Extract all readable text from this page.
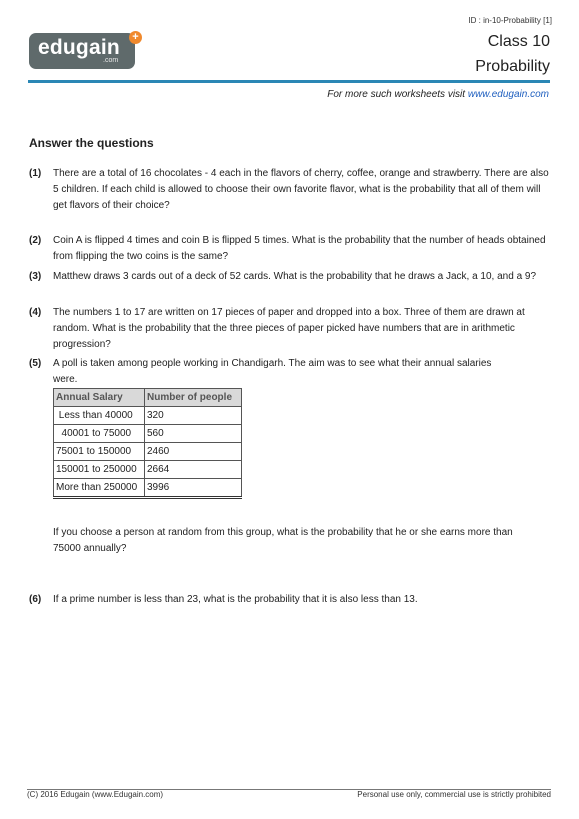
edugain
.com
+
ID : in-10-Probability [1]
Class 10
Probability
For more such worksheets visit www.edugain.com
Answer the questions
(1) There are a total of 16 chocolates - 4 each in the flavors of cherry, coffee, orange and strawberry. There are also 5 children. If each child is allowed to choose their own favorite flavor, what is the probability that all of them will get flavors of their choice?
(2) Coin A is flipped 4 times and coin B is flipped 5 times. What is the probability that the number of heads obtained from flipping the two coins is the same?
(3) Matthew draws 3 cards out of a deck of 52 cards. What is the probability that he draws a Jack, a 10, and a 9?
(4) The numbers 1 to 17 are written on 17 pieces of paper and dropped into a box. Three of them are drawn at random. What is the probability that the three pieces of paper picked have numbers that are in arithmetic progression?
(5) A poll is taken among people working in Chandigarh. The aim was to see what their annual salaries were.
Annual Salary	Number of people
Less than 40000	320
40001 to 75000	560
75001 to 150000	2460
150001 to 250000	2664
More than 250000	3996
If you choose a person at random from this group, what is the probability that he or she earns more than 75000 annually?
(6) If a prime number is less than 23, what is the probability that it is also less than 13.
(C) 2016 Edugain (www.Edugain.com)	Personal use only, commercial use is strictly prohibited
